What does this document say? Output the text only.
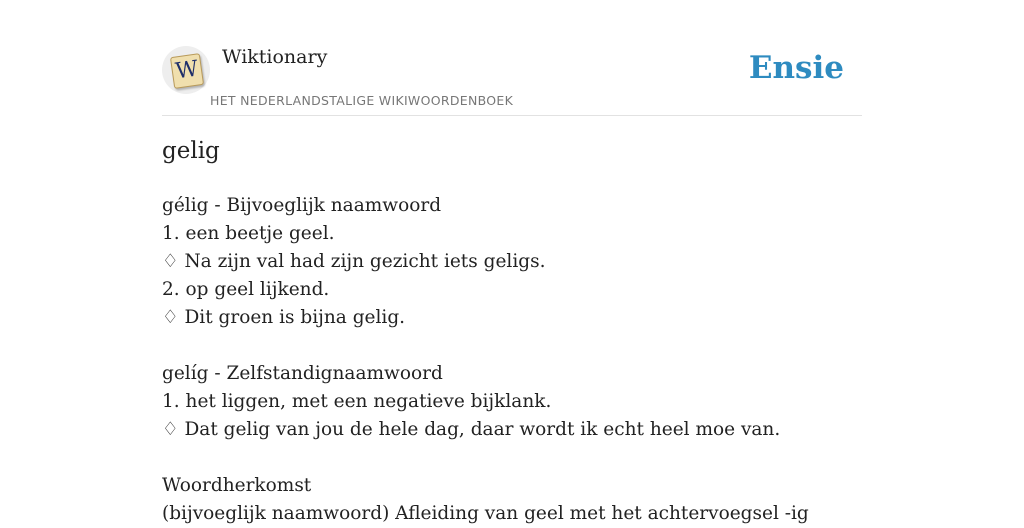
W Wiktionary
HET NEDERLANDSTALIGE WIKIWOORDENBOEK
Ensie
gelig
gélig - Bijvoeglijk naamwoord
1. een beetje geel.
♢ Na zijn val had zijn gezicht iets geligs.
2. op geel lijkend.
♢ Dit groen is bijna gelig.
gelíg - Zelfstandignaamwoord
1. het liggen, met een negatieve bijklank.
♢ Dat gelig van jou de hele dag, daar wordt ik echt heel moe van.
Woordherkomst
(bijvoeglijk naamwoord) Afleiding van geel met het achtervoegsel -ig
